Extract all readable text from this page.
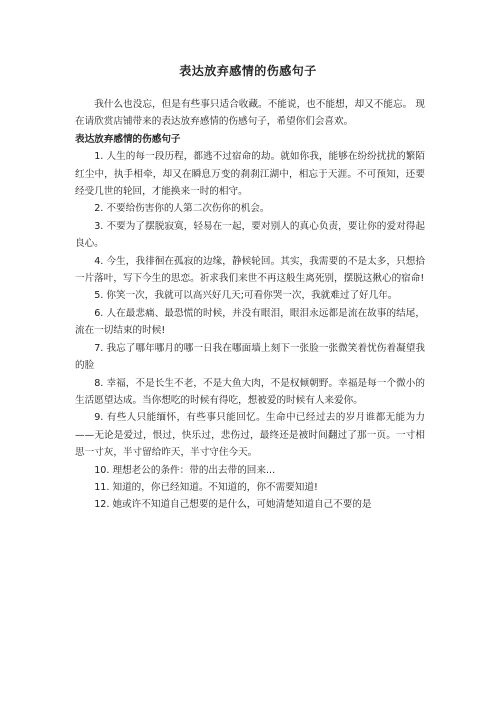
表达放弃感情的伤感句子

我什么也没忘，但是有些事只适合收藏。不能说，也不能想，却又不能忘。 现在请欣赏店铺带来的表达放弃感情的伤感句子，希望你们会喜欢。

表达放弃感情的伤感句子

1. 人生的每一段历程，都逃不过宿命的劫。就如你我，能够在纷纷扰扰的繁陌红尘中，执手相牵，却又在瞬息万变的刹刹江湖中，相忘于天涯。不可预知，还要经受几世的轮回，才能换来一时的相守。

2. 不要给伤害你的人第二次伤你的机会。

3. 不要为了摆脱寂寞，轻易在一起，要对别人的真心负责，要让你的爱对得起良心。

4. 今生，我徘徊在孤寂的边缘，静候轮回。其实，我需要的不是太多，只想拾一片落叶，写下今生的思恋。祈求我们来世不再这般生离死别，摆脱这揪心的宿命!

5. 你笑一次，我就可以高兴好几天;可看你哭一次，我就难过了好几年。

6. 人在最悲痛、最恐慌的时候，并没有眼泪，眼泪永远都是流在故事的结尾，流在一切结束的时候!

7. 我忘了哪年哪月的哪一日我在哪面墙上刻下一张脸一张微笑着忧伤着凝望我的脸

8. 幸福，不是长生不老，不是大鱼大肉，不是权倾朝野。幸福是每一个微小的生活愿望达成。当你想吃的时候有得吃，想被爱的时候有人来爱你。

9. 有些人只能缅怀，有些事只能回忆。生命中已经过去的岁月谁都无能为力——无论是爱过，恨过，快乐过，悲伤过，最终还是被时间翻过了那一页。一寸相思一寸灰，半寸留给昨天，半寸守住今天。

10. 理想老公的条件：带的出去带的回来...

11. 知道的，你已经知道。不知道的，你不需要知道!

12. 她或许不知道自己想要的是什么，可她清楚知道自己不要的是
